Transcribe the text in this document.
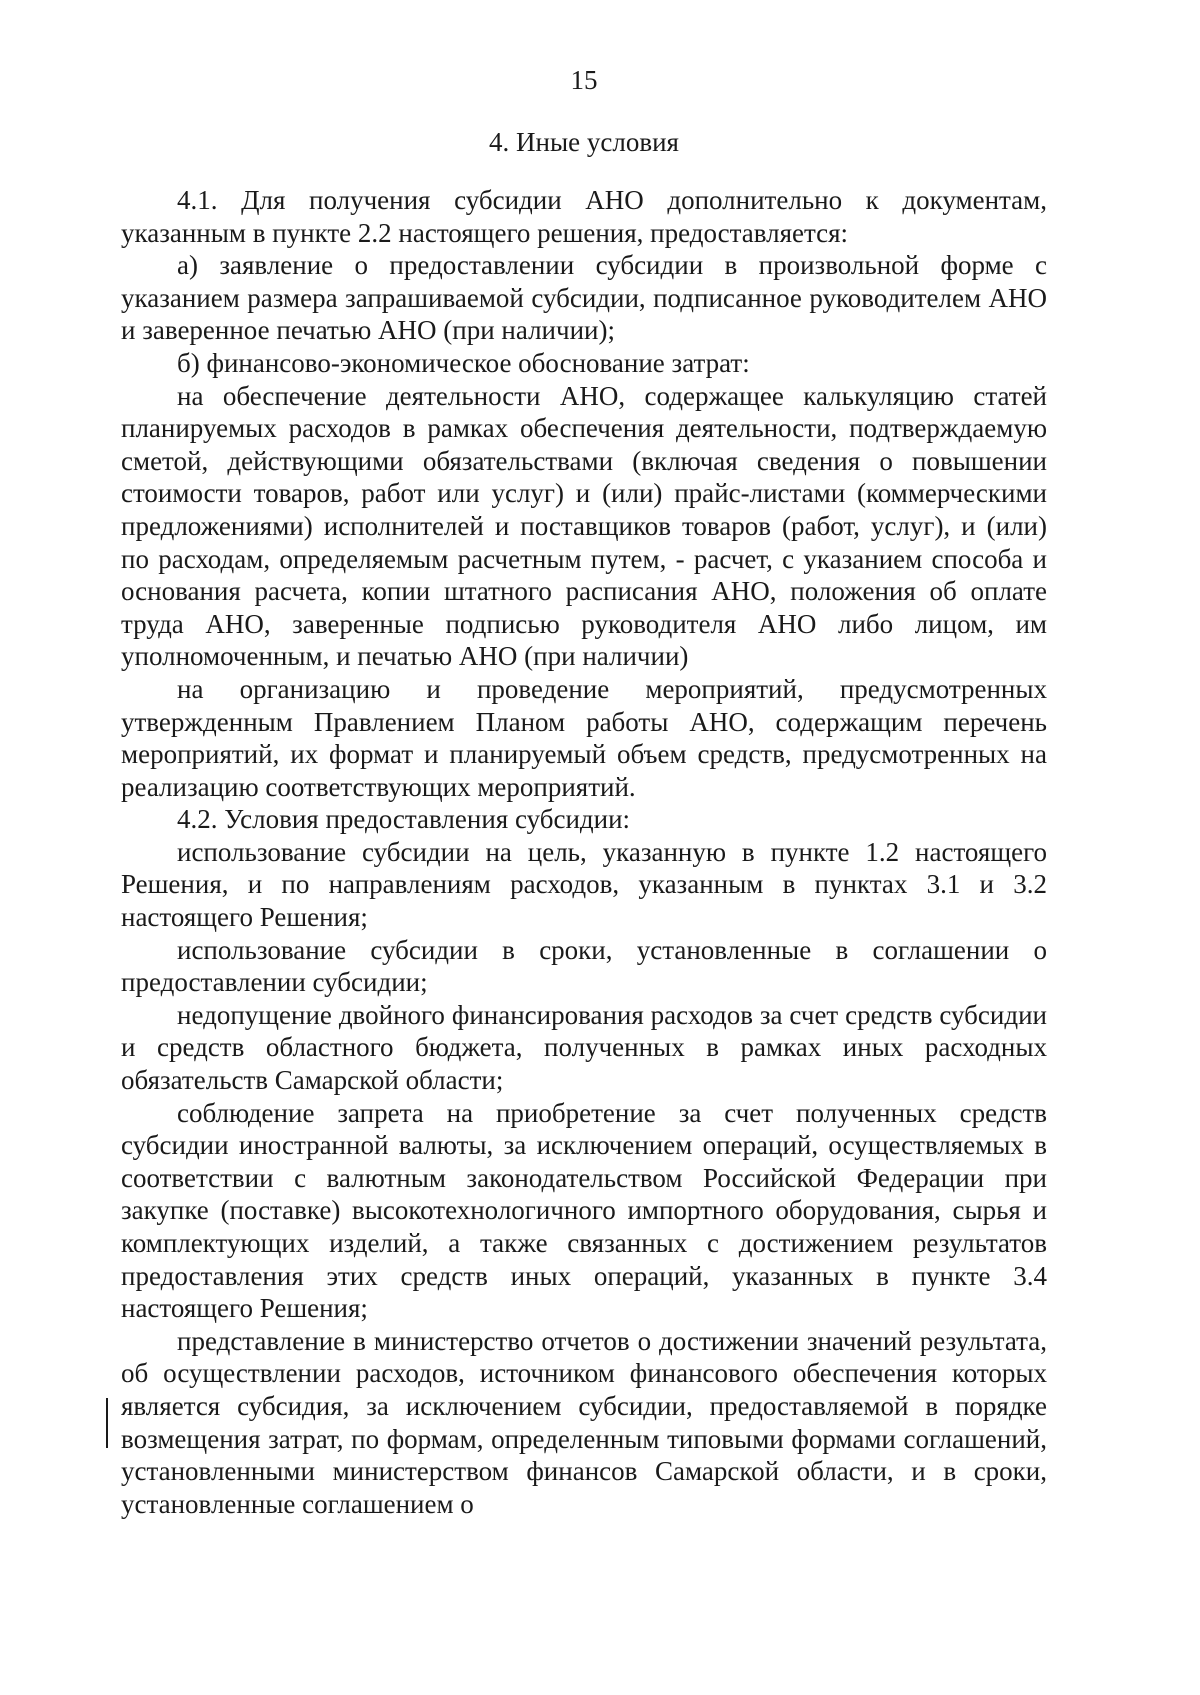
15
4. Иные условия

4.1. Для получения субсидии АНО дополнительно к документам, указанным в пункте 2.2 настоящего решения, предоставляется:

а) заявление о предоставлении субсидии в произвольной форме с указанием размера запрашиваемой субсидии, подписанное руководителем АНО и заверенное печатью АНО (при наличии);

б) финансово-экономическое обоснование затрат:

на обеспечение деятельности АНО, содержащее калькуляцию статей планируемых расходов в рамках обеспечения деятельности, подтверждаемую сметой, действующими обязательствами (включая сведения о повышении стоимости товаров, работ или услуг) и (или) прайс-листами (коммерческими предложениями) исполнителей и поставщиков товаров (работ, услуг), и (или) по расходам, определяемым расчетным путем, - расчет, с указанием способа и основания расчета, копии штатного расписания АНО, положения об оплате труда АНО, заверенные подписью руководителя АНО либо лицом, им уполномоченным, и печатью АНО (при наличии)

на организацию и проведение мероприятий, предусмотренных утвержденным Правлением Планом работы АНО, содержащим перечень мероприятий, их формат и планируемый объем средств, предусмотренных на реализацию соответствующих мероприятий.

4.2. Условия предоставления субсидии:

использование субсидии на цель, указанную в пункте 1.2 настоящего Решения, и по направлениям расходов, указанным в пунктах 3.1 и 3.2 настоящего Решения;

использование субсидии в сроки, установленные в соглашении о предоставлении субсидии;

недопущение двойного финансирования расходов за счет средств субсидии и средств областного бюджета, полученных в рамках иных расходных обязательств Самарской области;

соблюдение запрета на приобретение за счет полученных средств субсидии иностранной валюты, за исключением операций, осуществляемых в соответствии с валютным законодательством Российской Федерации при закупке (поставке) высокотехнологичного импортного оборудования, сырья и комплектующих изделий, а также связанных с достижением результатов предоставления этих средств иных операций, указанных в пункте 3.4 настоящего Решения;

представление в министерство отчетов о достижении значений результата, об осуществлении расходов, источником финансового обеспечения которых является субсидия, за исключением субсидии, предоставляемой в порядке возмещения затрат, по формам, определенным типовыми формами соглашений, установленными министерством финансов Самарской области, и в сроки, установленные соглашением о
